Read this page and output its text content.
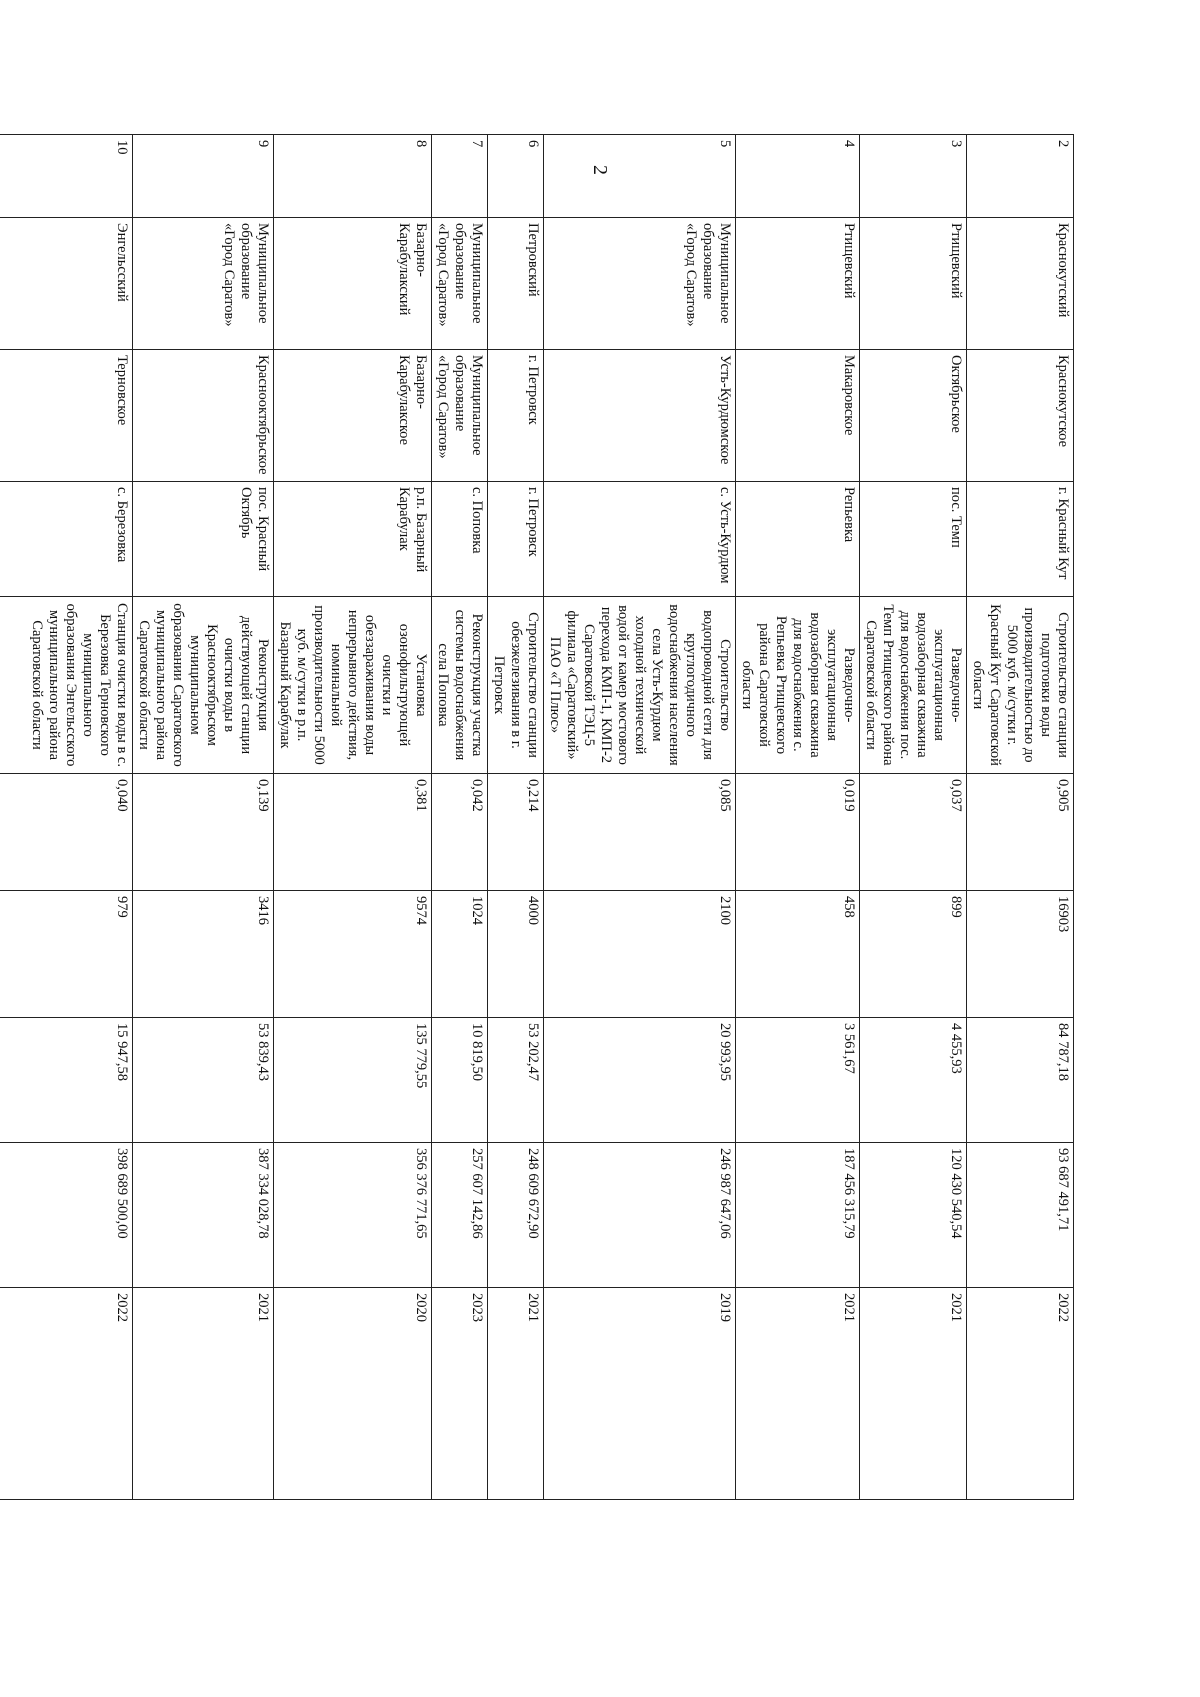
2
2	Краснокутский	Краснокутское	г. Красный Кут	Строительство станции подготовки воды производительностью до 5000 куб. м/сутки г. Красный Кут Саратовской области	0,905	16903	84 787,18	93 687 491,71	2022
3	Ртищевский	Октябрьское	пос. Темп	Разведочно-эксплуатационная водозаборная скважина для водоснабжения пос. Темп Ртищевского района Саратовской области	0,037	899	4 455,93	120 430 540,54	2021
4	Ртищевский	Макаровское	Репьевка	Разведочно-эксплуатационная водозаборная скважина для водоснабжения с. Репьевка Ртищевского района Саратовской области	0,019	458	3 561,67	187 456 315,79	2021
5	Муниципальное образование «Город Саратов»	Усть-Курдюмское	с. Усть-Курдюм	Строительство водопроводной сети для круглогодичного водоснабжения населения села Усть-Курдюм холодной технической водой от камер мостового перехода КМП-1, КМП-2 Саратовской ТЭЦ-5 филиала «Саратовский» ПАО «Т Плюс»	0,085	2100	20 993,95	246 987 647,06	2019
6	Петровский	г. Петровск	г. Петровск	Строительство станции обезжелезивания в г. Петровск	0,214	4000	53 202,47	248 609 672,90	2021
7	Муниципальное образование «Город Саратов»	Муниципальное образование «Город Саратов»	с. Поповка	Реконструкция участка системы водоснабжения села Поповка	0,042	1024	10 819,50	257 607 142,86	2023
8	Базарно-Карабулакский	Базарно-Карабулакское	р.п. Базарный Карабулак	Установка озонофильтрующей очистки и обеззараживания воды непрерывного действия, номинальной производительности 5000 куб. м/сутки в р.п. Базарный Карабулак	0,381	9574	135 779,55	356 376 771,65	2020
9	Муниципальное образование «Город Саратов»	Краснооктябрьское	пос. Красный Октябрь	Реконструкция действующей станции очистки воды в Краснооктябрьском муниципальном образовании Саратовского муниципального района Саратовской области	0,139	3416	53 839,43	387 334 028,78	2021
10	Энгельсский	Терновское	с. Березовка	Станция очистки воды в с. Березовка Терновского муниципального образования Энгельсского муниципального района Саратовской области	0,040	979	15 947,58	398 689 500,00	2022
